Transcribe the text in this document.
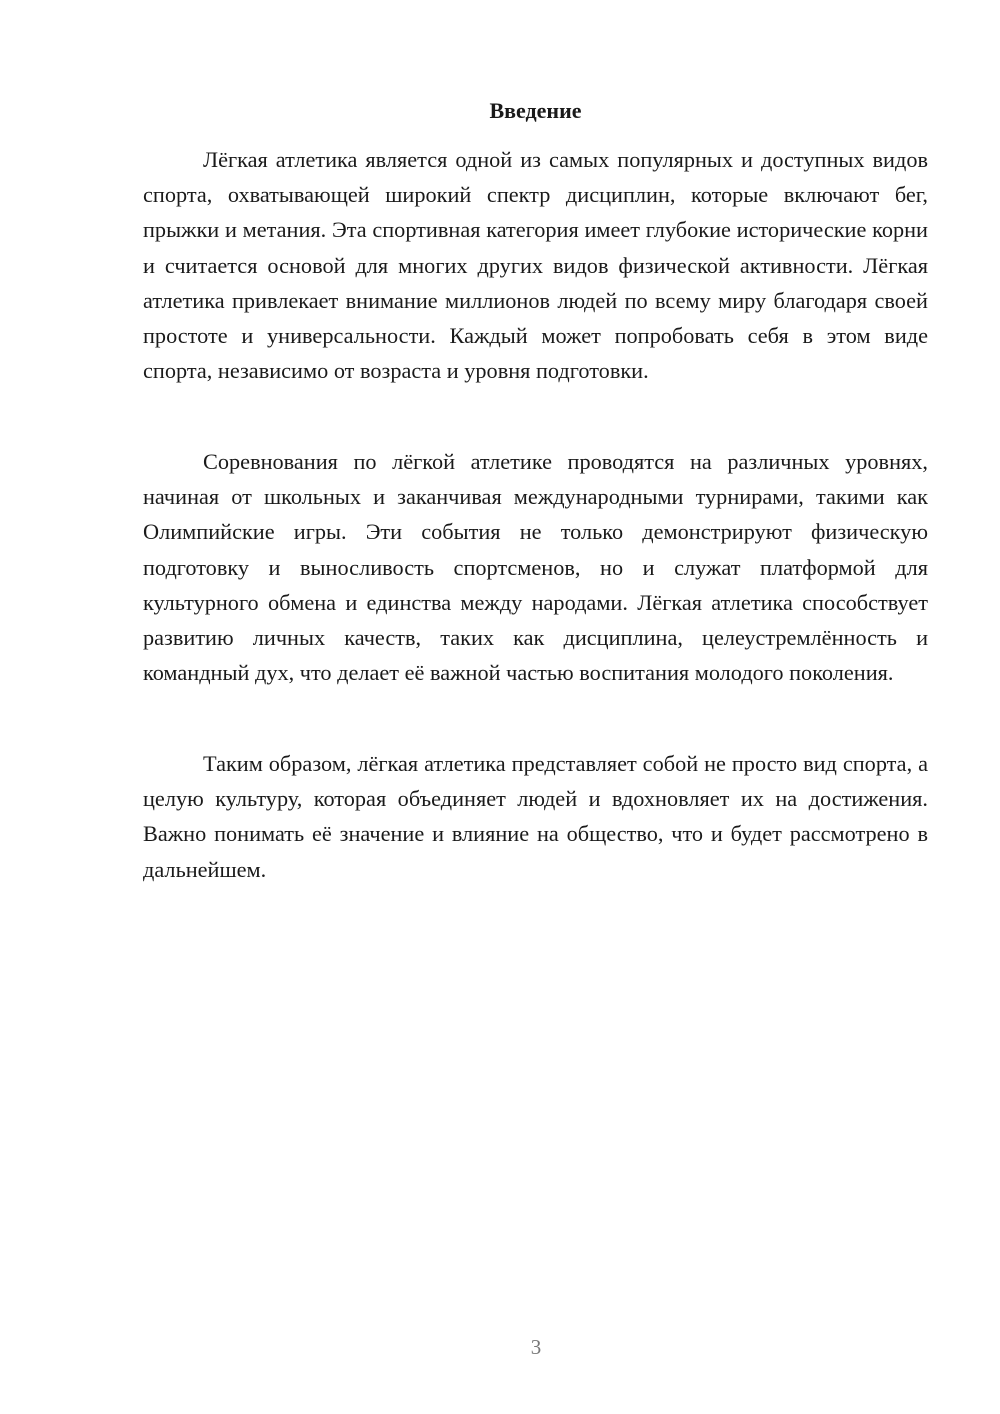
Введение

Лёгкая атлетика является одной из самых популярных и доступных видов спорта, охватывающей широкий спектр дисциплин, которые включают бег, прыжки и метания. Эта спортивная категория имеет глубокие исторические корни и считается основой для многих других видов физической активности. Лёгкая атлетика привлекает внимание миллионов людей по всему миру благодаря своей простоте и универсальности. Каждый может попробовать себя в этом виде спорта, независимо от возраста и уровня подготовки.

Соревнования по лёгкой атлетике проводятся на различных уровнях, начиная от школьных и заканчивая международными турнирами, такими как Олимпийские игры. Эти события не только демонстрируют физическую подготовку и выносливость спортсменов, но и служат платформой для культурного обмена и единства между народами. Лёгкая атлетика способствует развитию личных качеств, таких как дисциплина, целеустремлённость и командный дух, что делает её важной частью воспитания молодого поколения.

Таким образом, лёгкая атлетика представляет собой не просто вид спорта, а целую культуру, которая объединяет людей и вдохновляет их на достижения. Важно понимать её значение и влияние на общество, что и будет рассмотрено в дальнейшем.

3
